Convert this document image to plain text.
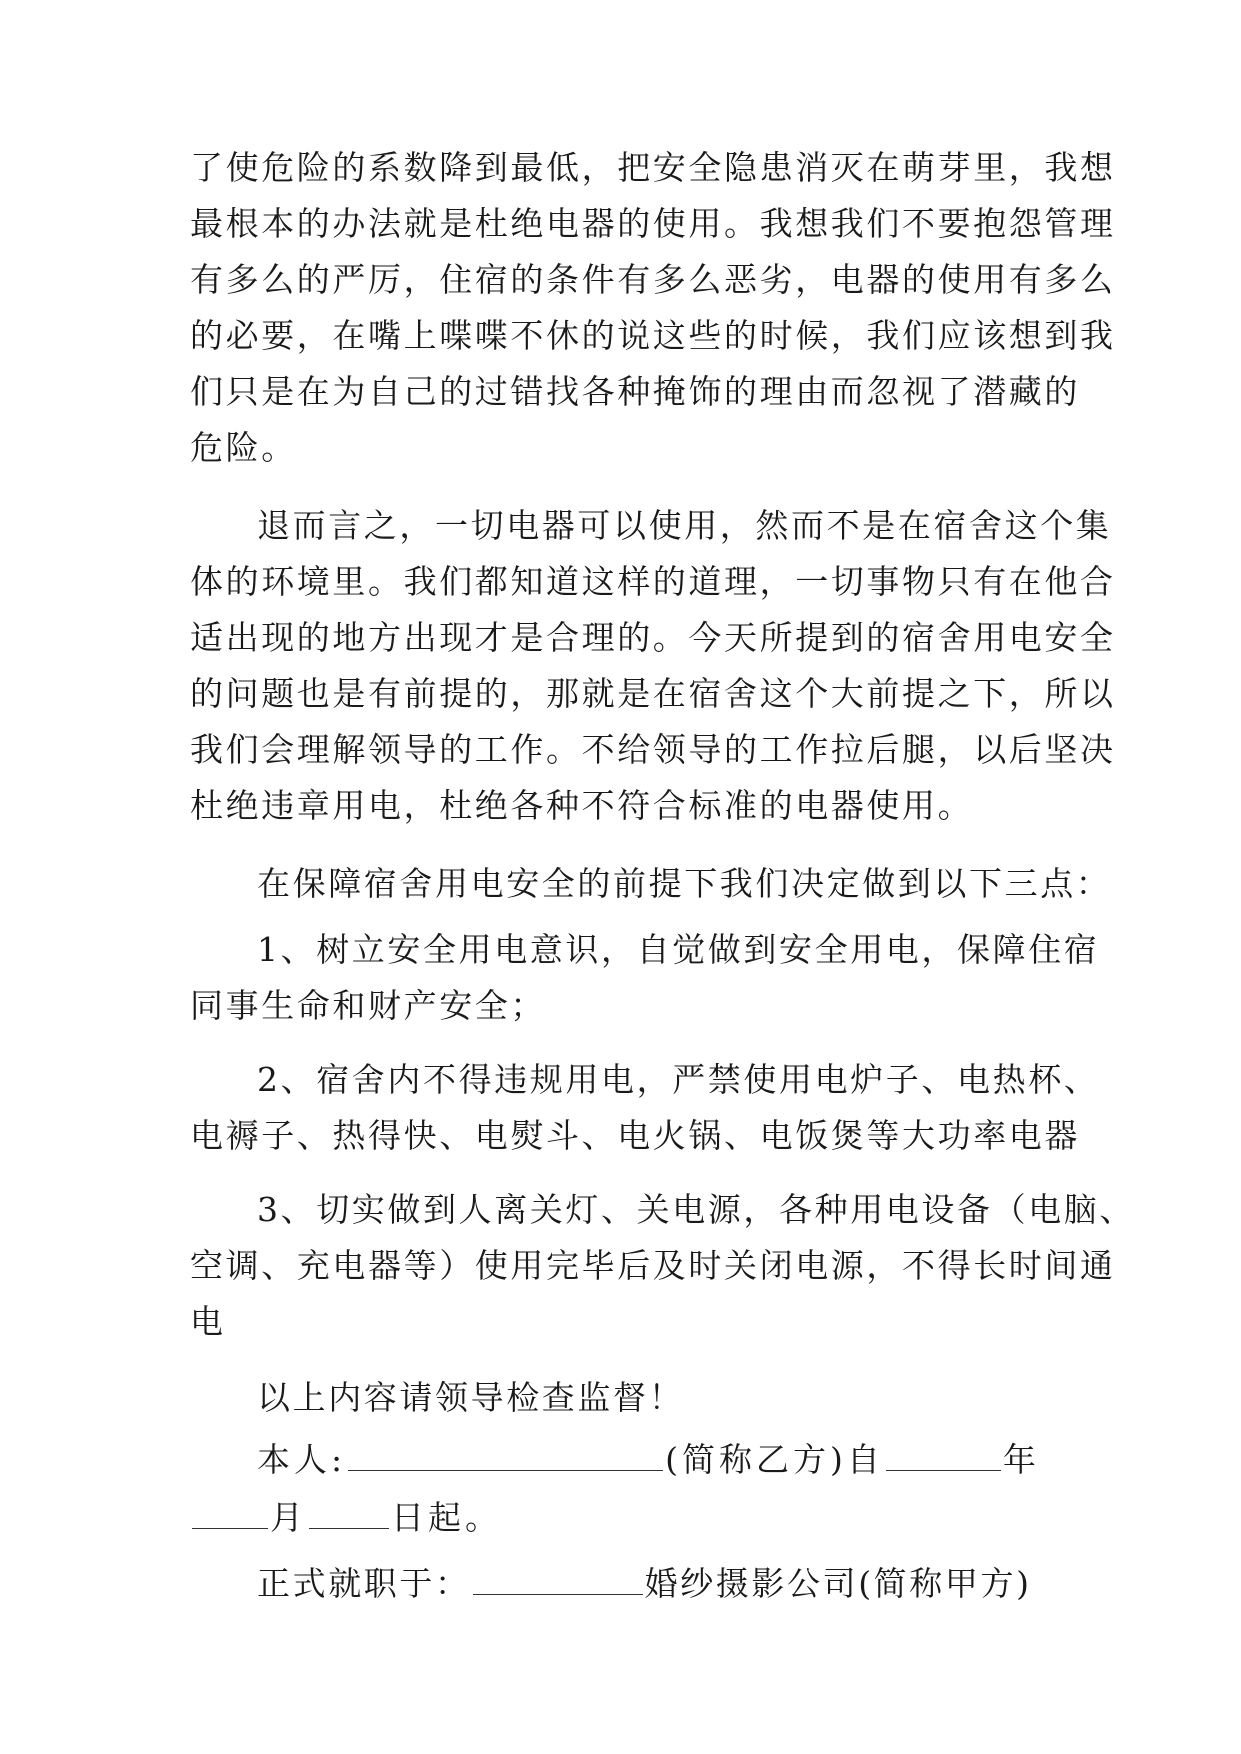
了使危险的系数降到最低，把安全隐患消灭在萌芽里，我想
最根本的办法就是杜绝电器的使用。我想我们不要抱怨管理
有多么的严厉，住宿的条件有多么恶劣，电器的使用有多么
的必要，在嘴上喋喋不休的说这些的时候，我们应该想到我
们只是在为自己的过错找各种掩饰的理由而忽视了潜藏的
危险。
退而言之，一切电器可以使用，然而不是在宿舍这个集
体的环境里。我们都知道这样的道理，一切事物只有在他合
适出现的地方出现才是合理的。今天所提到的宿舍用电安全
的问题也是有前提的，那就是在宿舍这个大前提之下，所以
我们会理解领导的工作。不给领导的工作拉后腿，以后坚决
杜绝违章用电，杜绝各种不符合标准的电器使用。
在保障宿舍用电安全的前提下我们决定做到以下三点：
1、树立安全用电意识，自觉做到安全用电，保障住宿
同事生命和财产安全；
2、宿舍内不得违规用电，严禁使用电炉子、电热杯、
电褥子、热得快、电熨斗、电火锅、电饭煲等大功率电器
3、切实做到人离关灯、关电源，各种用电设备（电脑、
空调、充电器等）使用完毕后及时关闭电源，不得长时间通
电
以上内容请领导检查监督！
本人:	(简称乙方)自	年
月	日起。
正式就职于：	婚纱摄影公司(简称甲方)
